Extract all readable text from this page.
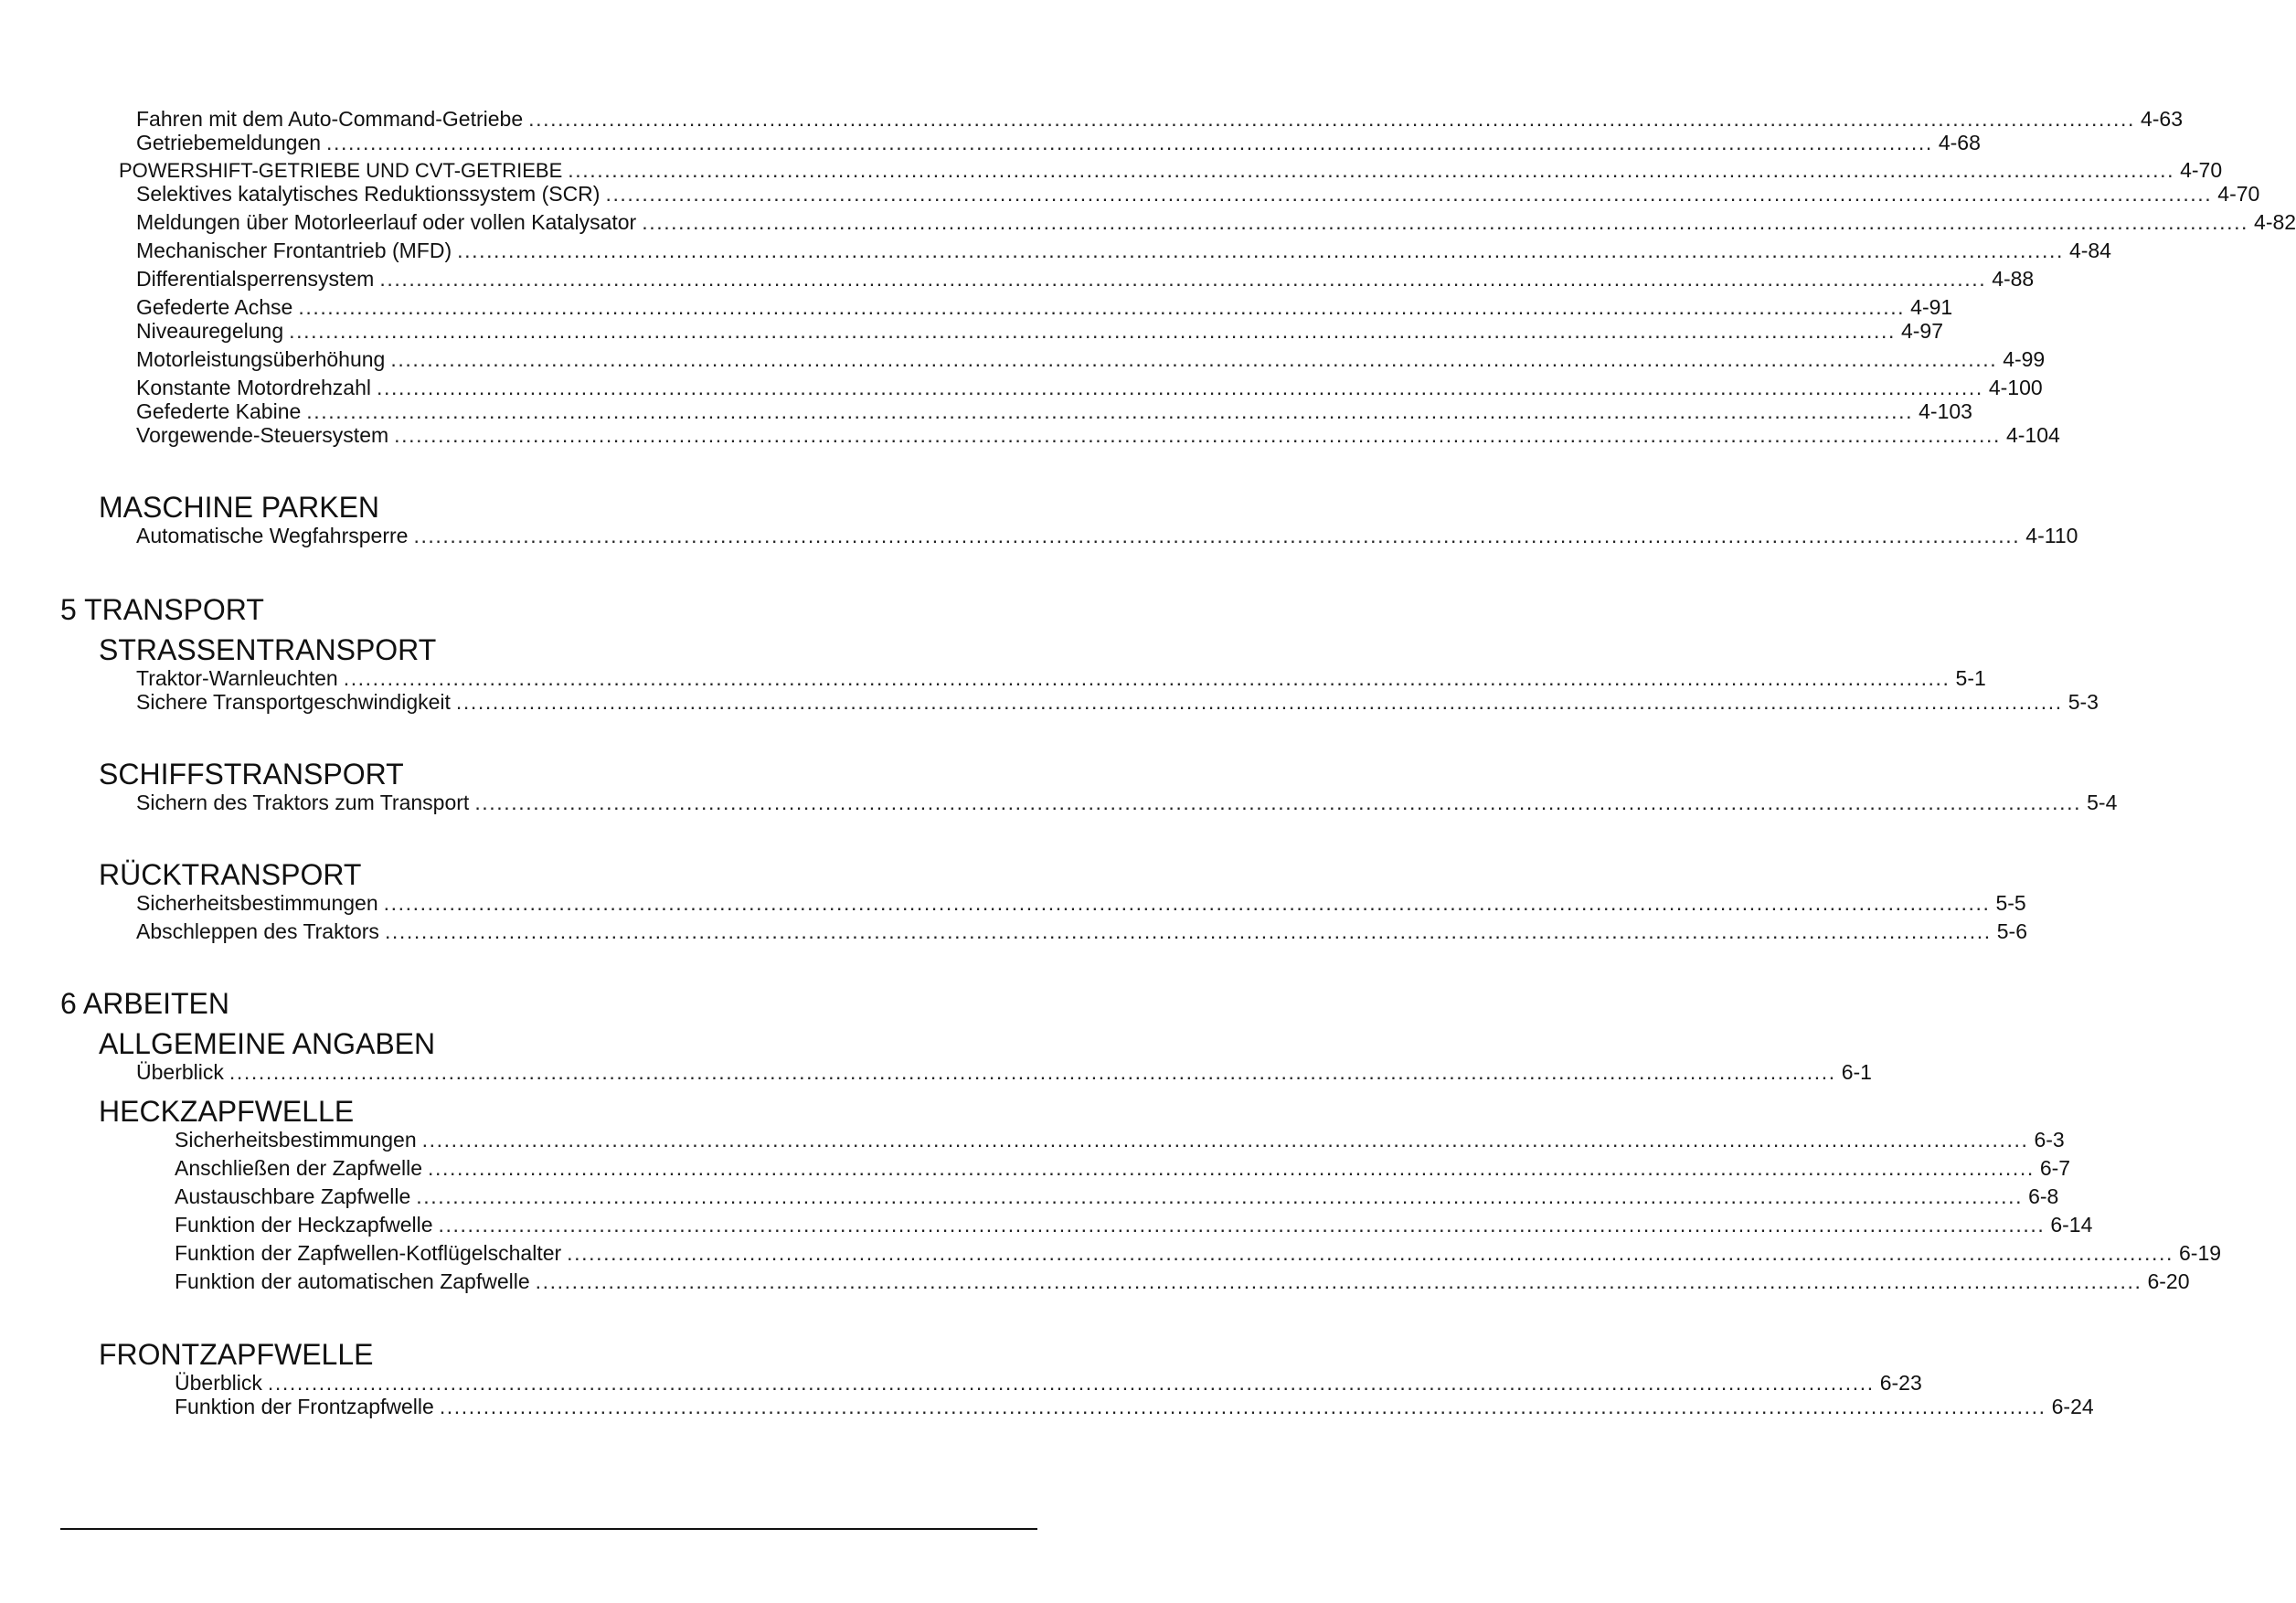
Fahren mit dem Auto-Command-Getriebe ............................................................................................................................................................................................................................ 4-63
Getriebemeldungen ............................................................................................................................................................................................................................ 4-68
POWERSHIFT-GETRIEBE UND CVT-GETRIEBE ............................................................................................................................................................................................................................ 4-70
Selektives katalytisches Reduktionssystem (SCR) ............................................................................................................................................................................................................................ 4-70
Meldungen über Motorleerlauf oder vollen Katalysator ............................................................................................................................................................................................................................ 4-82
Mechanischer Frontantrieb (MFD) ............................................................................................................................................................................................................................ 4-84
Differentialsperrensystem ............................................................................................................................................................................................................................ 4-88
Gefederte Achse ............................................................................................................................................................................................................................ 4-91
Niveauregelung ............................................................................................................................................................................................................................ 4-97
Motorleistungsüberhöhung ............................................................................................................................................................................................................................ 4-99
Konstante Motordrehzahl ............................................................................................................................................................................................................................ 4-100
Gefederte Kabine ............................................................................................................................................................................................................................ 4-103
Vorgewende-Steuersystem ............................................................................................................................................................................................................................ 4-104
MASCHINE PARKEN
Automatische Wegfahrsperre ............................................................................................................................................................................................................................ 4-110
5 TRANSPORT
STRASSENTRANSPORT
Traktor-Warnleuchten ............................................................................................................................................................................................................................ 5-1
Sichere Transportgeschwindigkeit ............................................................................................................................................................................................................................ 5-3
SCHIFFSTRANSPORT
Sichern des Traktors zum Transport ............................................................................................................................................................................................................................ 5-4
RÜCKTRANSPORT
Sicherheitsbestimmungen ............................................................................................................................................................................................................................ 5-5
Abschleppen des Traktors ............................................................................................................................................................................................................................ 5-6
6 ARBEITEN
ALLGEMEINE ANGABEN
Überblick ............................................................................................................................................................................................................................ 6-1
HECKZAPFWELLE
Sicherheitsbestimmungen ............................................................................................................................................................................................................................ 6-3
Anschließen der Zapfwelle ............................................................................................................................................................................................................................ 6-7
Austauschbare Zapfwelle ............................................................................................................................................................................................................................ 6-8
Funktion der Heckzapfwelle ............................................................................................................................................................................................................................ 6-14
Funktion der Zapfwellen-Kotflügelschalter ............................................................................................................................................................................................................................ 6-19
Funktion der automatischen Zapfwelle ............................................................................................................................................................................................................................ 6-20
FRONTZAPFWELLE
Überblick ............................................................................................................................................................................................................................ 6-23
Funktion der Frontzapfwelle ............................................................................................................................................................................................................................ 6-24
